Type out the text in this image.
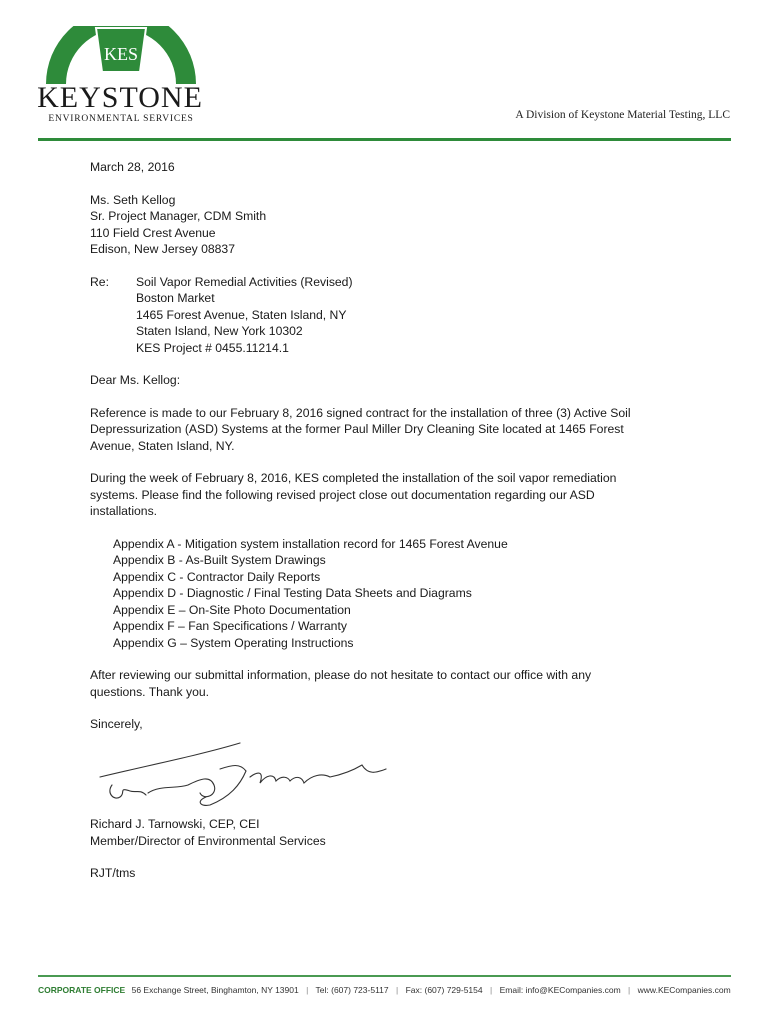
KES
KEYSTONE
ENVIRONMENTAL SERVICES	A Division of Keystone Material Testing, LLC

March 28, 2016

Ms. Seth Kellog

Sr. Project Manager, CDM Smith

110 Field Crest Avenue

Edison, New Jersey 08837

Re:	Soil Vapor Remedial Activities (Revised)

Boston Market

1465 Forest Avenue, Staten Island, NY

Staten Island, New York 10302

KES Project # 0455.11214.1

Dear Ms. Kellog:

Reference is made to our February 8, 2016 signed contract for the installation of three (3) Active Soil

Depressurization (ASD) Systems at the former Paul Miller Dry Cleaning Site located at 1465 Forest

Avenue, Staten Island, NY.

During the week of February 8, 2016, KES completed the installation of the soil vapor remediation

systems. Please find the following revised project close out documentation regarding our ASD

installations.

Appendix A - Mitigation system installation record for 1465 Forest Avenue

Appendix B - As-Built System Drawings

Appendix C - Contractor Daily Reports

Appendix D - Diagnostic / Final Testing Data Sheets and Diagrams

Appendix E – On-Site Photo Documentation

Appendix F – Fan Specifications / Warranty

Appendix G – System Operating Instructions

After reviewing our submittal information, please do not hesitate to contact our office with any

questions. Thank you.

Sincerely,

Richard J. Tarnowski, CEP, CEI

Member/Director of Environmental Services

RJT/tms

CORPORATE OFFICE 56 Exchange Street, Binghamton, NY 13901 | Tel: (607) 723-5117 | Fax: (607) 729-5154 | Email: info@KECompanies.com | www.KECompanies.com
